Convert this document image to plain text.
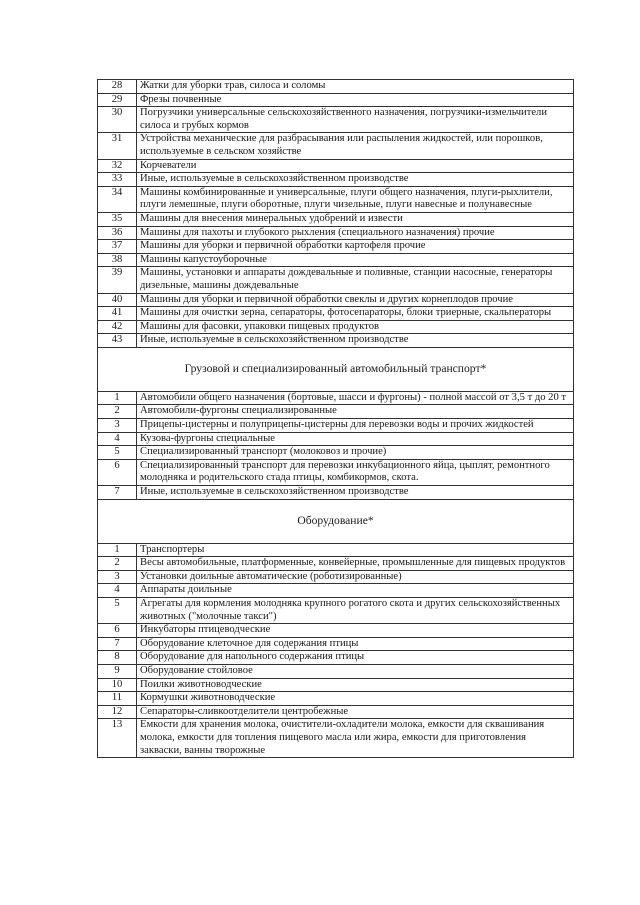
28	Жатки для уборки трав, силоса и соломы
29	Фрезы почвенные
30	Погрузчики универсальные сельскохозяйственного назначения, погрузчики-измельчители силоса и грубых кормов
31	Устройства механические для разбрасывания или распыления жидкостей, или порошков, используемые в сельском хозяйстве
32	Корчеватели
33	Иные, используемые в сельскохозяйственном производстве
34	Машины комбинированные и универсальные, плуги общего назначения, плуги-рыхлители, плуги лемешные, плуги оборотные, плуги чизельные, плуги навесные и полунавесные
35	Машины для внесения минеральных удобрений и извести
36	Машины для пахоты и глубокого рыхления (специального назначения) прочие
37	Машины для уборки и первичной обработки картофеля прочие
38	Машины капустоуборочные
39	Машины, установки и аппараты дождевальные и поливные, станции насосные, генераторы дизельные, машины дождевальные
40	Машины для уборки и первичной обработки свеклы и других корнеплодов прочие
41	Машины для очистки зерна, сепараторы, фотосепараторы, блоки триерные, скальператоры
42	Машины для фасовки, упаковки пищевых продуктов
43	Иные, используемые в сельскохозяйственном производстве
Грузовой и специализированный автомобильный транспорт*	
1	Автомобили общего назначения (бортовые, шасси и фургоны) - полной массой от 3,5 т до 20 т
2	Автомобили-фургоны специализированные
3	Прицепы-цистерны и полуприцепы-цистерны для перевозки воды и прочих жидкостей
4	Кузова-фургоны специальные
5	Специализированный транспорт (молоковоз и прочие)
6	Специализированный транспорт для перевозки инкубационного яйца, цыплят, ремонтного молодняка и родительского стада птицы, комбикормов, скота.
7	Иные, используемые в сельскохозяйственном производстве
Оборудование*	
1	Транспортеры
2	Весы автомобильные, платформенные, конвейерные, промышленные для пищевых продуктов
3	Установки доильные автоматические (роботизированные)
4	Аппараты доильные
5	Агрегаты для кормления молодняка крупного рогатого скота и других сельскохозяйственных животных ("молочные такси")
6	Инкубаторы птицеводческие
7	Оборудование клеточное для содержания птицы
8	Оборудование для напольного содержания птицы
9	Оборудование стойловое
10	Поилки животноводческие
11	Кормушки животноводческие
12	Сепараторы-сливкоотделители центробежные
13	Емкости для хранения молока, очистители-охладители молока, емкости для сквашивания молока, емкости для топления пищевого масла или жира, емкости для приготовления закваски, ванны творожные
